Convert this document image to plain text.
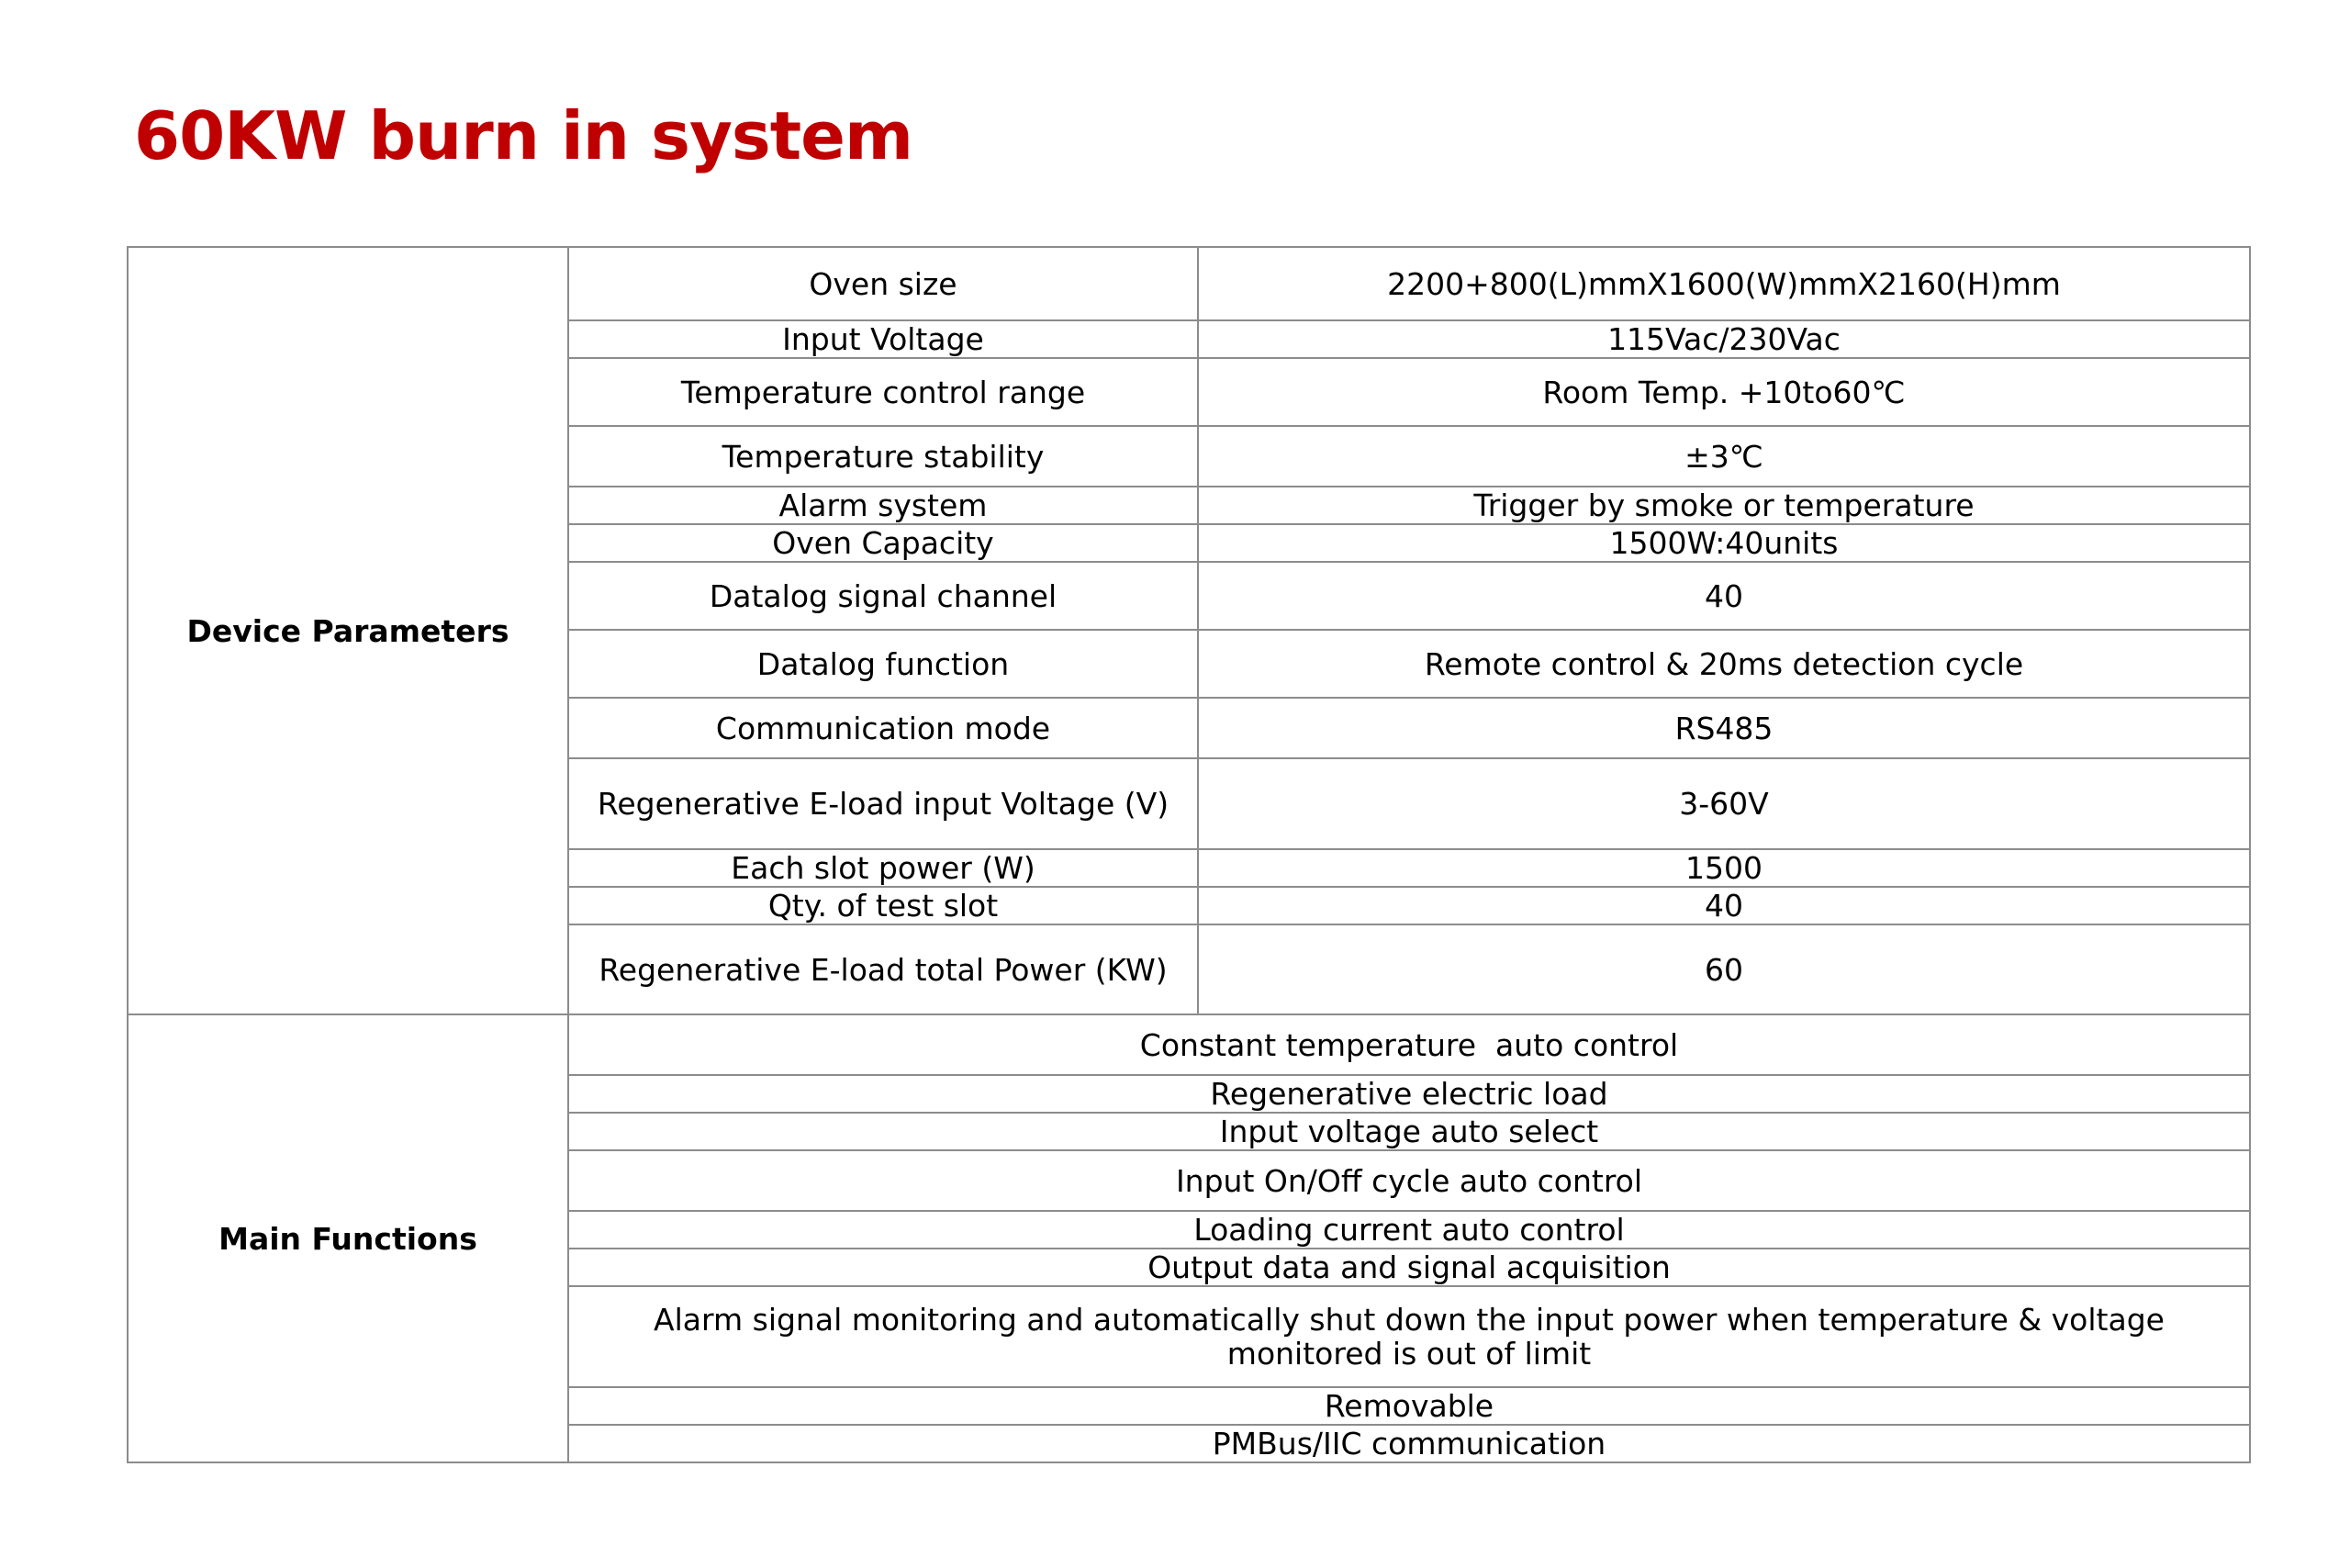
60KW burn in system
Device Parameters	Oven size	2200+800(L)mmX1600(W)mmX2160(H)mm
	Input Voltage	115Vac/230Vac
	Temperature control range	Room Temp. +10to60℃
	Temperature stability	±3℃
	Alarm system	Trigger by smoke or temperature
	Oven Capacity	1500W:40units
	Datalog signal channel	40
	Datalog function	Remote control & 20ms detection cycle
	Communication mode	RS485
	Regenerative E-load input Voltage (V)	3-60V
	Each slot power (W)	1500
	Qty. of test slot	40
	Regenerative E-load total Power (KW)	60
Main Functions	Constant temperature  auto control	
	Regenerative electric load	
	Input voltage auto select	
	Input On/Off cycle auto control	
	Loading current auto control	
	Output data and signal acquisition	
	Alarm signal monitoring and automatically shut down the input power when temperature & voltage monitored is out of limit	
	Removable	
	PMBus/IIC communication	
